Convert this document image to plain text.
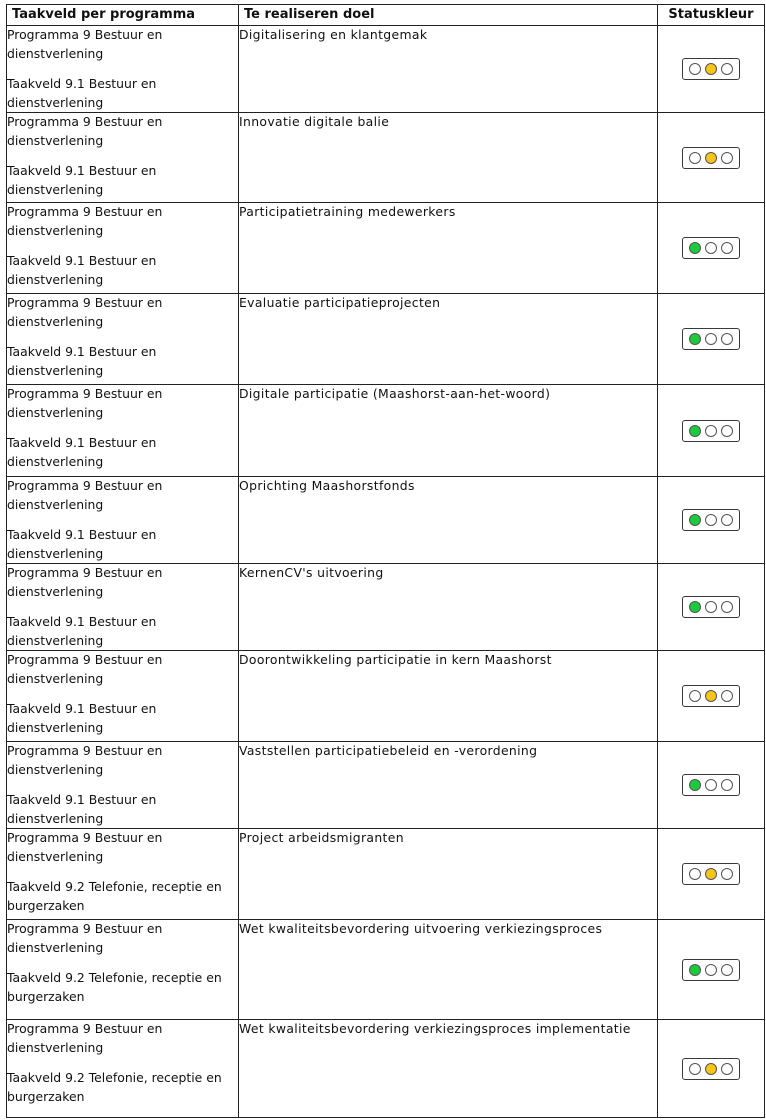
Taakveld per programma	Te realiseren doel	Statuskleur

Programma 9 Bestuur en dienstverlening
Taakveld 9.1 Bestuur en dienstverlening	Digitalisering en klantgemak	

Programma 9 Bestuur en dienstverlening
Taakveld 9.1 Bestuur en dienstverlening	Innovatie digitale balie	

Programma 9 Bestuur en dienstverlening
Taakveld 9.1 Bestuur en dienstverlening	Participatietraining medewerkers	

Programma 9 Bestuur en dienstverlening
Taakveld 9.1 Bestuur en dienstverlening	Evaluatie participatieprojecten	

Programma 9 Bestuur en dienstverlening
Taakveld 9.1 Bestuur en dienstverlening	Digitale participatie (Maashorst-aan-het-woord)	

Programma 9 Bestuur en dienstverlening
Taakveld 9.1 Bestuur en dienstverlening	Oprichting Maashorstfonds	

Programma 9 Bestuur en dienstverlening
Taakveld 9.1 Bestuur en dienstverlening	KernenCV's uitvoering	

Programma 9 Bestuur en dienstverlening
Taakveld 9.1 Bestuur en dienstverlening	Doorontwikkeling participatie in kern Maashorst	

Programma 9 Bestuur en dienstverlening
Taakveld 9.1 Bestuur en dienstverlening	Vaststellen participatiebeleid en -verordening	

Programma 9 Bestuur en dienstverlening
Taakveld 9.2 Telefonie, receptie en burgerzaken	Project arbeidsmigranten	

Programma 9 Bestuur en dienstverlening
Taakveld 9.2 Telefonie, receptie en burgerzaken	Wet kwaliteitsbevordering uitvoering verkiezingsproces	

Programma 9 Bestuur en dienstverlening
Taakveld 9.2 Telefonie, receptie en burgerzaken	Wet kwaliteitsbevordering verkiezingsproces implementatie	
